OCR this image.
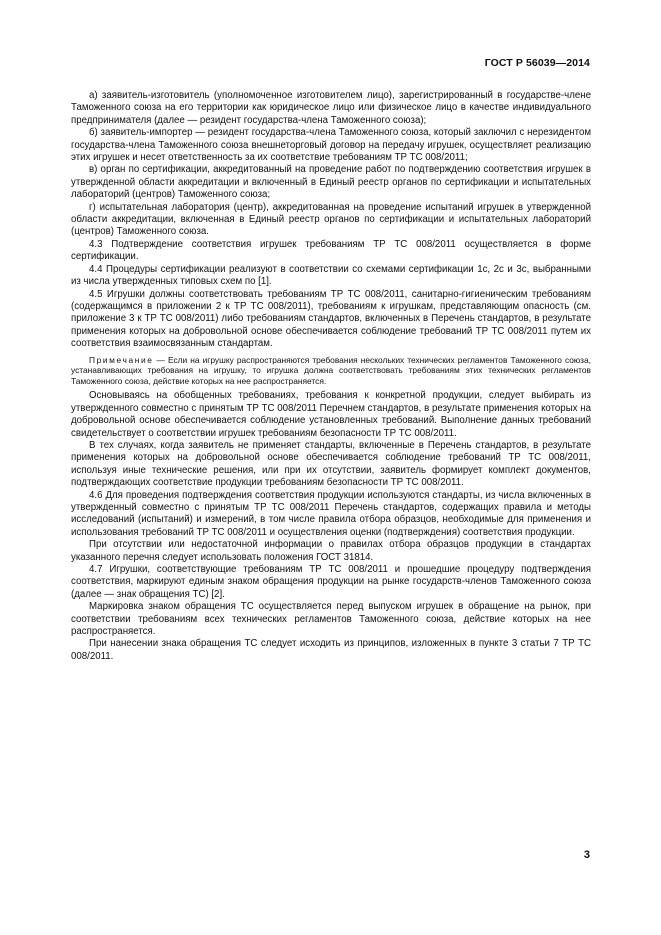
ГОСТ Р 56039—2014

а) заявитель-изготовитель (уполномоченное изготовителем лицо), зарегистрированный в государстве-члене Таможенного союза на его территории как юридическое лицо или физическое лицо в качестве индивидуального предпринимателя (далее — резидент государства-члена Таможенного союза);

б) заявитель-импортер — резидент государства-члена Таможенного союза, который заключил с нерезидентом государства-члена Таможенного союза внешнеторговый договор на передачу игрушек, осуществляет реализацию этих игрушек и несет ответственность за их соответствие требованиям ТР ТС 008/2011;

в) орган по сертификации, аккредитованный на проведение работ по подтверждению соответствия игрушек в утвержденной области аккредитации и включенный в Единый реестр органов по сертификации и испытательных лабораторий (центров) Таможенного союза;

г) испытательная лаборатория (центр), аккредитованная на проведение испытаний игрушек в утвержденной области аккредитации, включенная в Единый реестр органов по сертификации и испытательных лабораторий (центров) Таможенного союза.

4.3 Подтверждение соответствия игрушек требованиям ТР ТС 008/2011 осуществляется в форме сертификации.

4.4 Процедуры сертификации реализуют в соответствии со схемами сертификации 1с, 2с и 3с, выбранными из числа утвержденных типовых схем по [1].

4.5 Игрушки должны соответствовать требованиям ТР ТС 008/2011, санитарно-гигиеническим требованиям (содержащимся в приложении 2 к ТР ТС 008/2011), требованиям к игрушкам, представляющим опасность (см. приложение 3 к ТР ТС 008/2011) либо требованиям стандартов, включенных в Перечень стандартов, в результате применения которых на добровольной основе обеспечивается соблюдение требований ТР ТС 008/2011 путем их соответствия взаимосвязанным стандартам.

Примечание — Если на игрушку распространяются требования нескольких технических регламентов Таможенного союза, устанавливающих требования на игрушку, то игрушка должна соответствовать требованиям этих технических регламентов Таможенного союза, действие которых на нее распространяется.

Основываясь на обобщенных требованиях, требования к конкретной продукции, следует выбирать из утвержденного совместно с принятым ТР ТС 008/2011 Перечнем стандартов, в результате применения которых на добровольной основе обеспечивается соблюдение установленных требований. Выполнение данных требований свидетельствует о соответствии игрушек требованиям безопасности ТР ТС 008/2011.

В тех случаях, когда заявитель не применяет стандарты, включенные в Перечень стандартов, в результате применения которых на добровольной основе обеспечивается соблюдение требований ТР ТС 008/2011, используя иные технические решения, или при их отсутствии, заявитель формирует комплект документов, подтверждающих соответствие продукции требованиям безопасности ТР ТС 008/2011.

4.6 Для проведения подтверждения соответствия продукции используются стандарты, из числа включенных в утвержденный совместно с принятым ТР ТС 008/2011 Перечень стандартов, содержащих правила и методы исследований (испытаний) и измерений, в том числе правила отбора образцов, необходимые для применения и использования требований ТР ТС 008/2011 и осуществления оценки (подтверждения) соответствия продукции.

При отсутствии или недостаточной информации о правилах отбора образцов продукции в стандартах указанного перечня следует использовать положения ГОСТ 31814.

4.7 Игрушки, соответствующие требованиям ТР ТС 008/2011 и прошедшие процедуру подтверждения соответствия, маркируют единым знаком обращения продукции на рынке государств-членов Таможенного союза (далее — знак обращения ТС) [2].

Маркировка знаком обращения ТС осуществляется перед выпуском игрушек в обращение на рынок, при соответствии требованиям всех технических регламентов Таможенного союза, действие которых на нее распространяется.

При нанесении знака обращения ТС следует исходить из принципов, изложенных в пункте 3 статьи 7 ТР ТС 008/2011.

3
